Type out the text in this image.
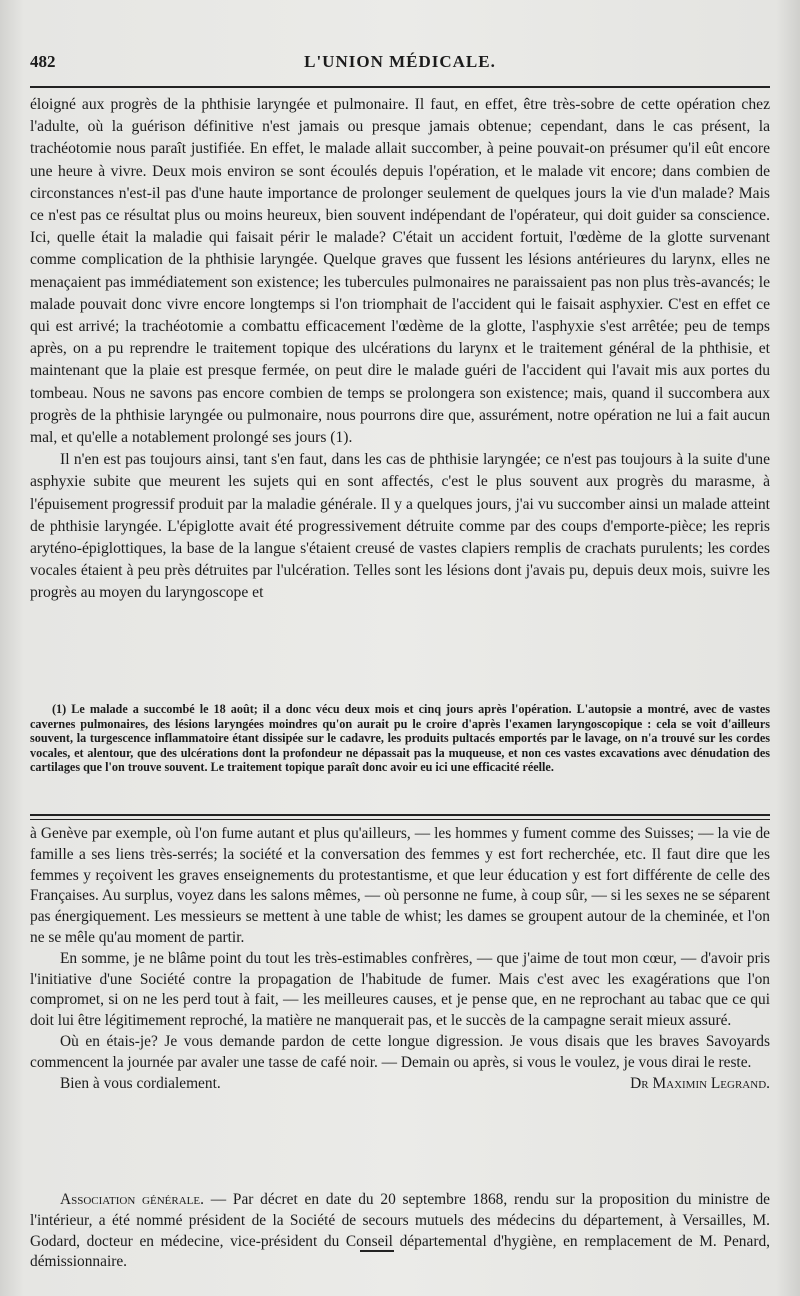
482	L'UNION MÉDICALE.

éloigné aux progrès de la phthisie laryngée et pulmonaire. Il faut, en effet, être très-sobre de cette opération chez l'adulte, où la guérison définitive n'est jamais ou presque jamais obtenue; cependant, dans le cas présent, la trachéotomie nous paraît justifiée. En effet, le malade allait succomber, à peine pouvait-on présumer qu'il eût encore une heure à vivre. Deux mois environ se sont écoulés depuis l'opération, et le malade vit encore; dans combien de circonstances n'est-il pas d'une haute importance de prolonger seulement de quelques jours la vie d'un malade? Mais ce n'est pas ce résultat plus ou moins heureux, bien souvent indépendant de l'opérateur, qui doit guider sa conscience. Ici, quelle était la maladie qui faisait périr le malade? C'était un accident fortuit, l'œdème de la glotte survenant comme complication de la phthisie laryngée. Quelque graves que fussent les lésions antérieures du larynx, elles ne menaçaient pas immédiatement son existence; les tubercules pulmonaires ne paraissaient pas non plus très-avancés; le malade pouvait donc vivre encore longtemps si l'on triomphait de l'accident qui le faisait asphyxier. C'est en effet ce qui est arrivé; la trachéotomie a combattu efficacement l'œdème de la glotte, l'asphyxie s'est arrêtée; peu de temps après, on a pu reprendre le traitement topique des ulcérations du larynx et le traitement général de la phthisie, et maintenant que la plaie est presque fermée, on peut dire le malade guéri de l'accident qui l'avait mis aux portes du tombeau. Nous ne savons pas encore combien de temps se prolongera son existence; mais, quand il succombera aux progrès de la phthisie laryngée ou pulmonaire, nous pourrons dire que, assurément, notre opération ne lui a fait aucun mal, et qu'elle a notablement prolongé ses jours (1).

Il n'en est pas toujours ainsi, tant s'en faut, dans les cas de phthisie laryngée; ce n'est pas toujours à la suite d'une asphyxie subite que meurent les sujets qui en sont affectés, c'est le plus souvent aux progrès du marasme, à l'épuisement progressif produit par la maladie générale. Il y a quelques jours, j'ai vu succomber ainsi un malade atteint de phthisie laryngée. L'épiglotte avait été progressivement détruite comme par des coups d'emporte-pièce; les repris aryténo-épiglottiques, la base de la langue s'étaient creusé de vastes clapiers remplis de crachats purulents; les cordes vocales étaient à peu près détruites par l'ulcération. Telles sont les lésions dont j'avais pu, depuis deux mois, suivre les progrès au moyen du laryngoscope et

(1) Le malade a succombé le 18 août; il a donc vécu deux mois et cinq jours après l'opération. L'autopsie a montré, avec de vastes cavernes pulmonaires, des lésions laryngées moindres qu'on aurait pu le croire d'après l'examen laryngoscopique : cela se voit d'ailleurs souvent, la turgescence inflammatoire étant dissipée sur le cadavre, les produits pultacés emportés par le lavage, on n'a trouvé sur les cordes vocales, et alentour, que des ulcérations dont la profondeur ne dépassait pas la muqueuse, et non ces vastes excavations avec dénudation des cartilages que l'on trouve souvent. Le traitement topique paraît donc avoir eu ici une efficacité réelle.

à Genève par exemple, où l'on fume autant et plus qu'ailleurs, — les hommes y fument comme des Suisses; — la vie de famille a ses liens très-serrés; la société et la conversation des femmes y est fort recherchée, etc. Il faut dire que les femmes y reçoivent les graves enseignements du protestantisme, et que leur éducation y est fort différente de celle des Françaises. Au surplus, voyez dans les salons mêmes, — où personne ne fume, à coup sûr, — si les sexes ne se séparent pas énergiquement. Les messieurs se mettent à une table de whist; les dames se groupent autour de la cheminée, et l'on ne se mêle qu'au moment de partir.

En somme, je ne blâme point du tout les très-estimables confrères, — que j'aime de tout mon cœur, — d'avoir pris l'initiative d'une Société contre la propagation de l'habitude de fumer. Mais c'est avec les exagérations que l'on compromet, si on ne les perd tout à fait, — les meilleures causes, et je pense que, en ne reprochant au tabac que ce qui doit lui être légitimement reproché, la matière ne manquerait pas, et le succès de la campagne serait mieux assuré.

Où en étais-je? Je vous demande pardon de cette longue digression. Je vous disais que les braves Savoyards commencent la journée par avaler une tasse de café noir. — Demain ou après, si vous le voulez, je vous dirai le reste.

Bien à vous cordialement.	Dr Maximin Legrand.

Association générale. — Par décret en date du 20 septembre 1868, rendu sur la proposition du ministre de l'intérieur, a été nommé président de la Société de secours mutuels des médecins du département, à Versailles, M. Godard, docteur en médecine, vice-président du Conseil départemental d'hygiène, en remplacement de M. Penard, démissionnaire.
